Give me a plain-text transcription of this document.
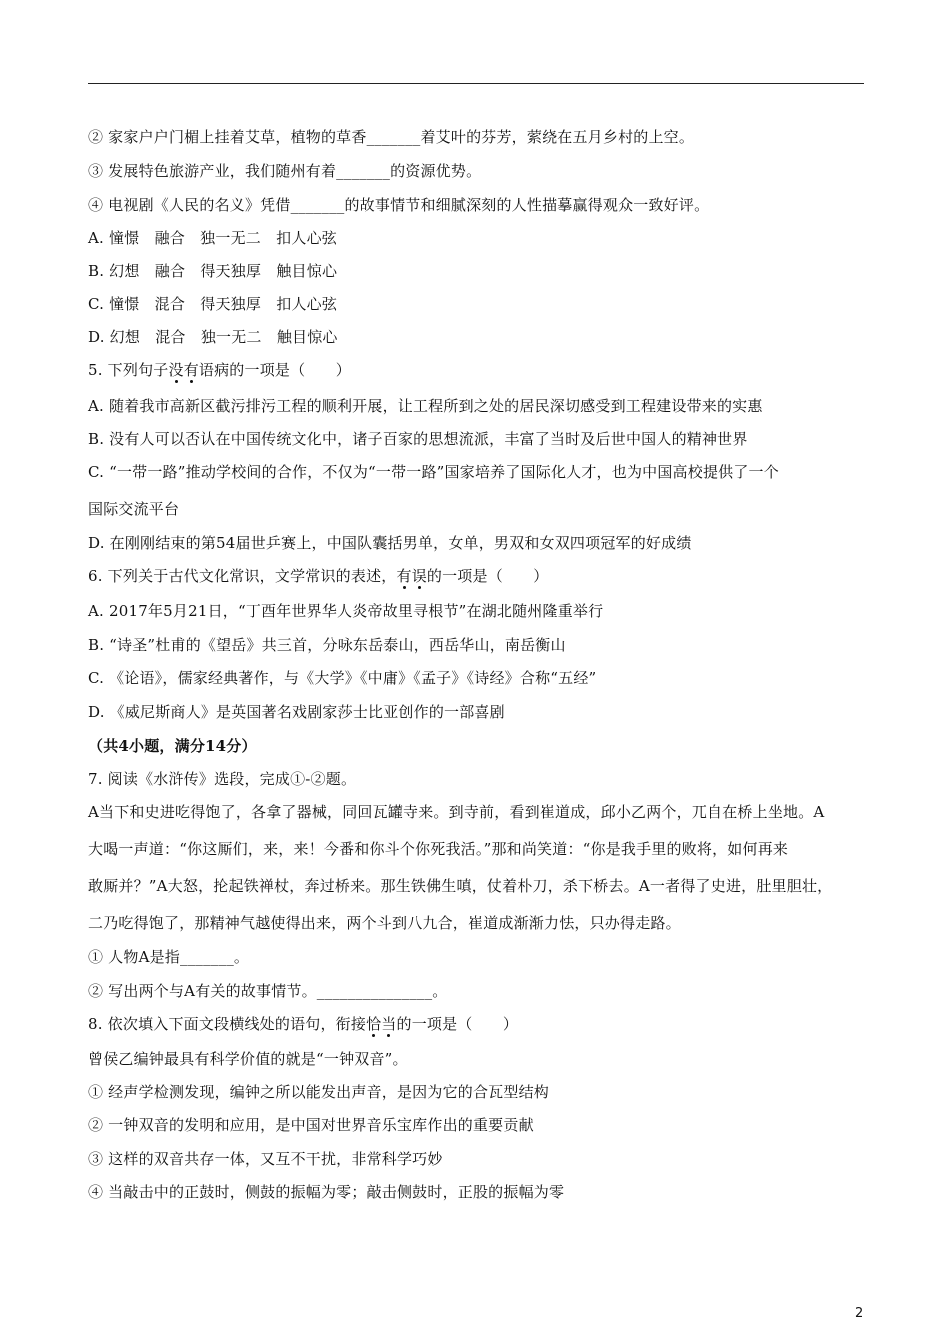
② 家家户户门楣上挂着艾草，植物的草香_______着艾叶的芬芳，萦绕在五月乡村的上空。
③ 发展特色旅游产业，我们随州有着_______的资源优势。
④ 电视剧《人民的名义》凭借_______的故事情节和细腻深刻的人性描摹赢得观众一致好评。
A. 憧憬　融合　独一无二　扣人心弦
B. 幻想　融合　得天独厚　触目惊心
C. 憧憬　混合　得天独厚　扣人心弦
D. 幻想　混合　独一无二　触目惊心
5. 下列句子没有语病的一项是（　　）
A. 随着我市高新区截污排污工程的顺利开展，让工程所到之处的居民深切感受到工程建设带来的实惠
B. 没有人可以否认在中国传统文化中，诸子百家的思想流派，丰富了当时及后世中国人的精神世界
C. “一带一路”推动学校间的合作，不仅为“一带一路”国家培养了国际化人才，也为中国高校提供了一个
国际交流平台
D. 在刚刚结束的第54届世乒赛上，中国队囊括男单，女单，男双和女双四项冠军的好成绩
6. 下列关于古代文化常识，文学常识的表述，有误的一项是（　　）
A. 2017年5月21日，“丁酉年世界华人炎帝故里寻根节”在湖北随州隆重举行
B. “诗圣”杜甫的《望岳》共三首，分咏东岳泰山，西岳华山，南岳衡山
C. 《论语》，儒家经典著作，与《大学》《中庸》《孟子》《诗经》合称“五经”
D. 《威尼斯商人》是英国著名戏剧家莎士比亚创作的一部喜剧
（共4小题，满分14分）
7. 阅读《水浒传》选段，完成①-②题。
A当下和史进吃得饱了，各拿了器械，同回瓦罐寺来。到寺前，看到崔道成，邱小乙两个，兀自在桥上坐地。A
大喝一声道：“你这厮们，来，来！今番和你斗个你死我活。”那和尚笑道：“你是我手里的败将，如何再来
敢厮并？”A大怒，抡起铁禅杖，奔过桥来。那生铁佛生嗔，仗着朴刀，杀下桥去。A一者得了史进，肚里胆壮，
二乃吃得饱了，那精神气越使得出来，两个斗到八九合，崔道成渐渐力怯，只办得走路。
① 人物A是指_______。
② 写出两个与A有关的故事情节。_______________。
8. 依次填入下面文段横线处的语句，衔接恰当的一项是（　　）
曾侯乙编钟最具有科学价值的就是“一钟双音”。
① 经声学检测发现，编钟之所以能发出声音，是因为它的合瓦型结构
② 一钟双音的发明和应用，是中国对世界音乐宝库作出的重要贡献
③ 这样的双音共存一体，又互不干扰，非常科学巧妙
④ 当敲击中的正鼓时，侧鼓的振幅为零；敲击侧鼓时，正股的振幅为零
2
